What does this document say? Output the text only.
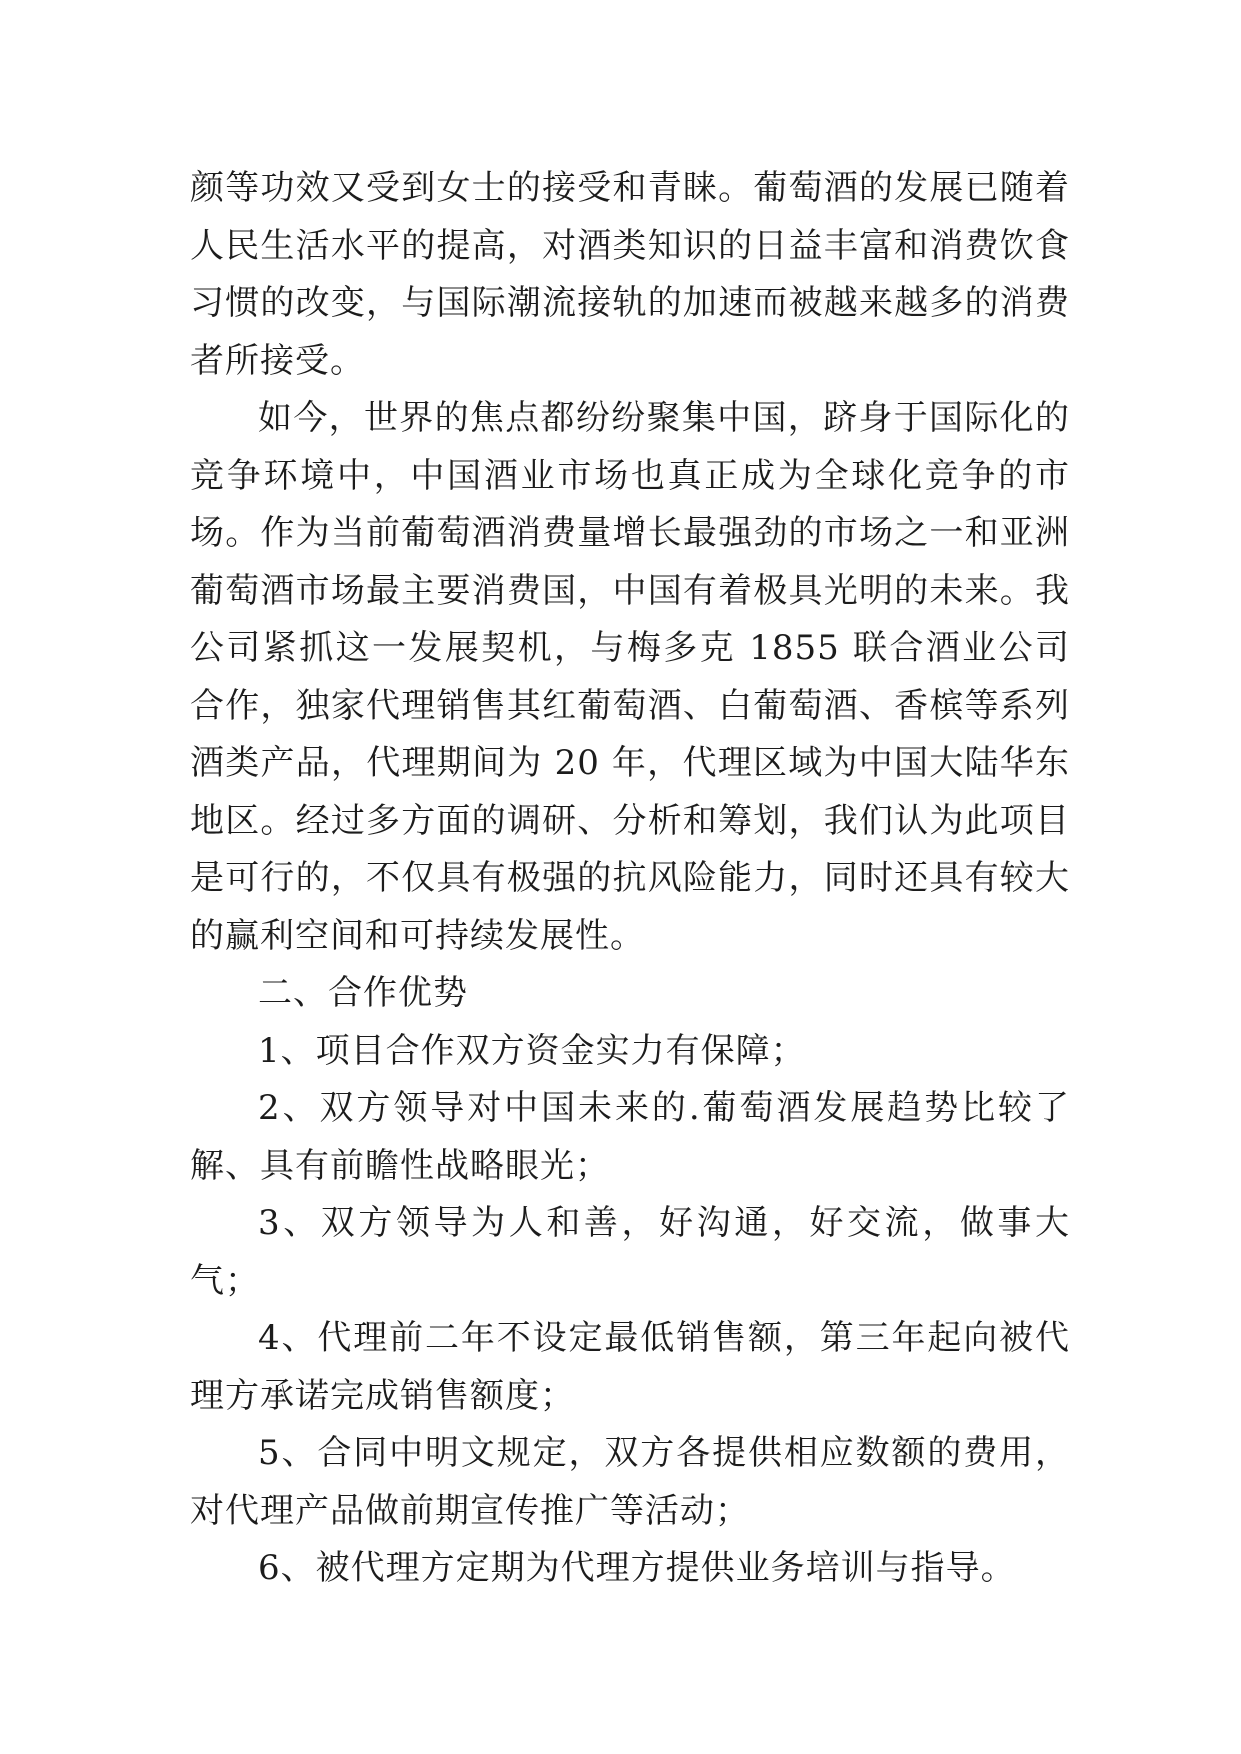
颜等功效又受到女士的接受和青睐。葡萄酒的发展已随着人民生活水平的提高，对酒类知识的日益丰富和消费饮食习惯的改变，与国际潮流接轨的加速而被越来越多的消费者所接受。

如今，世界的焦点都纷纷聚集中国，跻身于国际化的竞争环境中，中国酒业市场也真正成为全球化竞争的市场。作为当前葡萄酒消费量增长最强劲的市场之一和亚洲葡萄酒市场最主要消费国，中国有着极具光明的未来。我公司紧抓这一发展契机，与梅多克 1855 联合酒业公司合作，独家代理销售其红葡萄酒、白葡萄酒、香槟等系列酒类产品，代理期间为 20 年，代理区域为中国大陆华东地区。经过多方面的调研、分析和筹划，我们认为此项目是可行的，不仅具有极强的抗风险能力，同时还具有较大的赢利空间和可持续发展性。

二、合作优势

1、项目合作双方资金实力有保障；

2、双方领导对中国未来的.葡萄酒发展趋势比较了解、具有前瞻性战略眼光；

3、双方领导为人和善，好沟通，好交流，做事大气；

4、代理前二年不设定最低销售额，第三年起向被代理方承诺完成销售额度；

5、合同中明文规定，双方各提供相应数额的费用，对代理产品做前期宣传推广等活动；

6、被代理方定期为代理方提供业务培训与指导。
